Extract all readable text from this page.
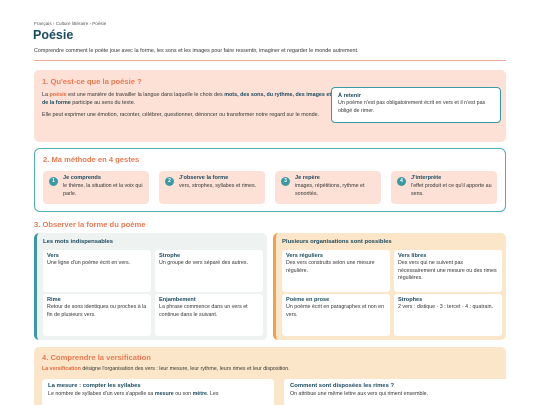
Français › Culture littéraire › Poésie
Poésie

Comprendre comment le poète joue avec la forme, les sons et les images pour faire ressentir, imaginer et regarder le monde autrement.

1. Qu'est-ce que la poésie ?

La poésie est une manière de travailler la langue dans laquelle le choix des mots, des sons, du rythme, des images et de la forme participe au sens du texte.

Elle peut exprimer une émotion, raconter, célébrer, questionner, dénoncer ou transformer notre regard sur le monde.

À retenir
Un poème n'est pas obligatoirement écrit en vers et il n'est pas obligé de rimer.
2. Ma méthode en 4 gestes
1	Je comprends
le thème, la situation et la voix qui parle.
2	J'observe la forme
vers, strophes, syllabes et rimes.
3	Je repère
images, répétitions, rythme et sonorités.
4	J'interprète
l'effet produit et ce qu'il apporte au sens.
3. Observer la forme du poème
Les mots indispensables
Vers
Une ligne d'un poème écrit en vers.
Strophe
Un groupe de vers séparé des autres.
Rime
Retour de sons identiques ou proches à la fin de plusieurs vers.
Enjambement
La phrase commence dans un vers et continue dans le suivant.
Plusieurs organisations sont possibles
Vers réguliers
Des vers construits selon une mesure régulière.
Vers libres
Des vers qui ne suivent pas nécessairement une mesure ou des rimes régulières.
Poème en prose
Un poème écrit en paragraphes et non en vers.
Strophes
2 vers : distique · 3 : tercet · 4 : quatrain.
4. Comprendre la versification

La versification désigne l'organisation des vers : leur mesure, leur rythme, leurs rimes et leur disposition.

La mesure : compter les syllabes
Le nombre de syllabes d'un vers s'appelle sa mesure ou son mètre. Les
Comment sont disposées les rimes ?
On attribue une même lettre aux vers qui riment ensemble.
